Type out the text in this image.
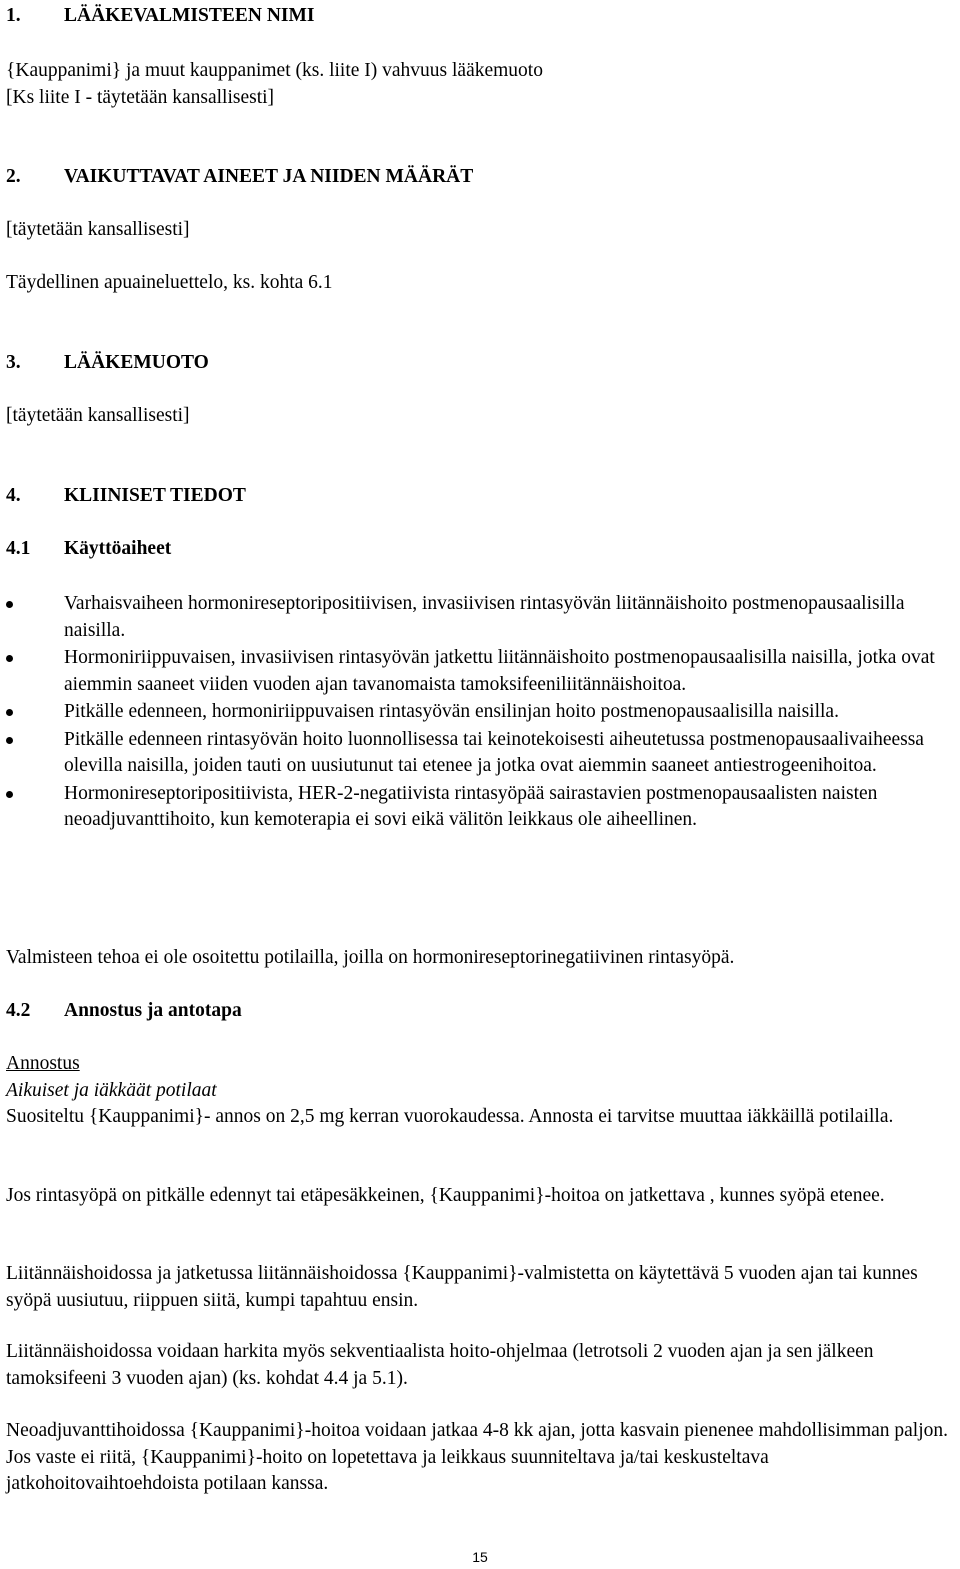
1. LÄÄKEVALMISTEEN NIMI
{Kauppanimi} ja muut kauppanimet (ks. liite I) vahvuus lääkemuoto
[Ks liite I - täytetään kansallisesti]
2. VAIKUTTAVAT AINEET JA NIIDEN MÄÄRÄT
[täytetään kansallisesti]
Täydellinen apuaineluettelo, ks. kohta 6.1
3. LÄÄKEMUOTO
[täytetään kansallisesti]
4. KLIINISET TIEDOT
4.1 Käyttöaiheet
Varhaisvaiheen hormonireseptoripositiivisen, invasiivisen rintasyövän liitännäishoito postmenopausaalisilla naisilla.
Hormoniriippuvaisen, invasiivisen rintasyövän jatkettu liitännäishoito postmenopausaalisilla naisilla, jotka ovat aiemmin saaneet viiden vuoden ajan tavanomaista tamoksifeeniliitännäishoitoa.
Pitkälle edenneen, hormoniriippuvaisen rintasyövän ensilinjan hoito postmenopausaalisilla naisilla.
Pitkälle edenneen rintasyövän hoito luonnollisessa tai keinotekoisesti aiheutetussa postmenopausaalivaiheessa olevilla naisilla, joiden tauti on uusiutunut tai etenee ja jotka ovat aiemmin saaneet antiestrogeenihoitoa.
Hormonireseptoripositiivista, HER-2-negatiivista rintasyöpää sairastavien postmenopausaalisten naisten neoadjuvanttihoito, kun kemoterapia ei sovi eikä välitön leikkaus ole aiheellinen.
Valmisteen tehoa ei ole osoitettu potilailla, joilla on hormonireseptorinegatiivinen rintasyöpä.
4.2 Annostus ja antotapa
Annostus
Aikuiset ja iäkkäät potilaat
Suositeltu {Kauppanimi}- annos on 2,5 mg kerran vuorokaudessa. Annosta ei tarvitse muuttaa iäkkäillä potilailla.
Jos rintasyöpä on pitkälle edennyt tai etäpesäkkeinen, {Kauppanimi}-hoitoa on jatkettava , kunnes syöpä etenee.
Liitännäishoidossa ja jatketussa liitännäishoidossa {Kauppanimi}-valmistetta on käytettävä 5 vuoden ajan tai kunnes syöpä uusiutuu, riippuen siitä, kumpi tapahtuu ensin.
Liitännäishoidossa voidaan harkita myös sekventiaalista hoito-ohjelmaa (letrotsoli 2 vuoden ajan ja sen jälkeen tamoksifeeni 3 vuoden ajan) (ks. kohdat 4.4 ja 5.1).
Neoadjuvanttihoidossa {Kauppanimi}-hoitoa voidaan jatkaa 4-8 kk ajan, jotta kasvain pienenee mahdollisimman paljon. Jos vaste ei riitä, {Kauppanimi}-hoito on lopetettava ja leikkaus suunniteltava ja/tai keskusteltava jatkohoitovaihtoehdoista potilaan kanssa.
15
